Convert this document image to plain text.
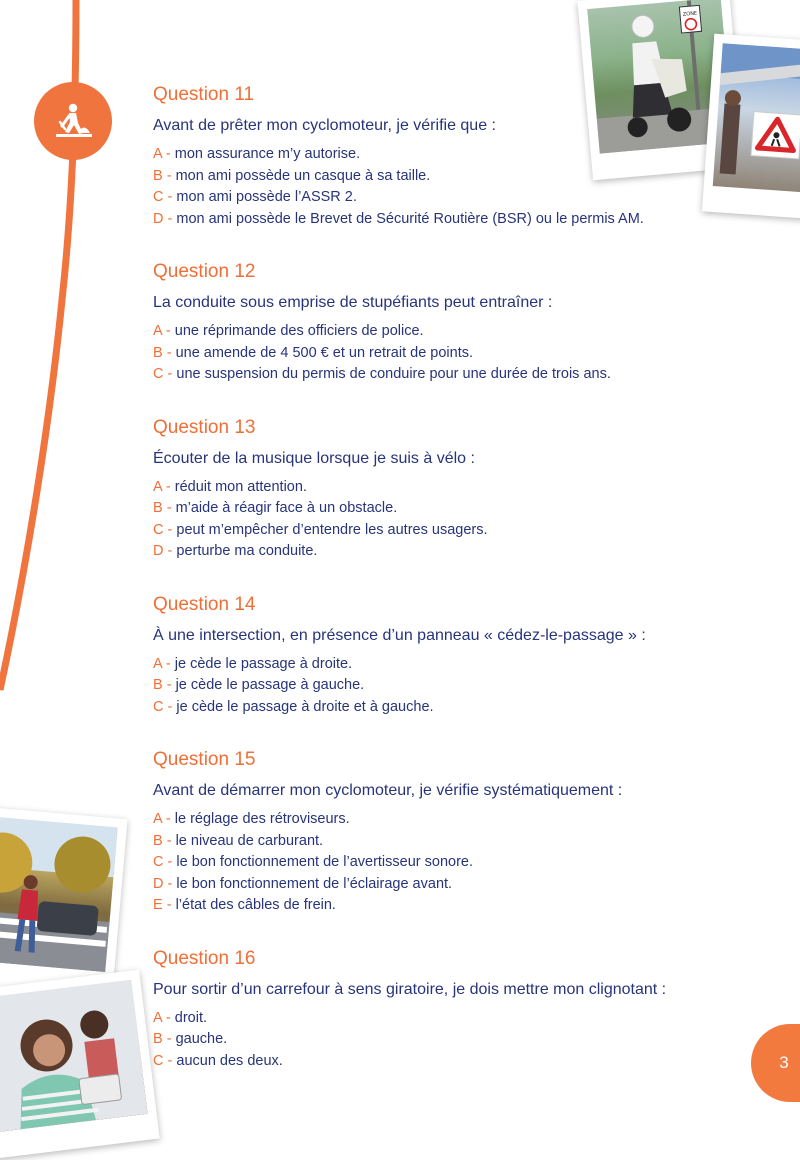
ZONE
Question 11
Avant de prêter mon cyclomoteur, je vérifie que :
A - mon assurance m’y autorise.
B - mon ami possède un casque à sa taille.
C - mon ami possède l’ASSR 2.
D - mon ami possède le Brevet de Sécurité Routière (BSR) ou le permis AM.
Question 12
La conduite sous emprise de stupéfiants peut entraîner :
A - une réprimande des officiers de police.
B - une amende de 4 500 € et un retrait de points.
C - une suspension du permis de conduire pour une durée de trois ans.
Question 13
Écouter de la musique lorsque je suis à vélo :
A - réduit mon attention.
B - m’aide à réagir face à un obstacle.
C - peut m’empêcher d’entendre les autres usagers.
D - perturbe ma conduite.
Question 14
À une intersection, en présence d’un panneau « cédez-le-passage » :
A - je cède le passage à droite.
B - je cède le passage à gauche.
C - je cède le passage à droite et à gauche.
Question 15
Avant de démarrer mon cyclomoteur, je vérifie systématiquement :
A - le réglage des rétroviseurs.
B - le niveau de carburant.
C - le bon fonctionnement de l’avertisseur sonore.
D - le bon fonctionnement de l’éclairage avant.
E - l’état des câbles de frein.
Question 16
Pour sortir d’un carrefour à sens giratoire, je dois mettre mon clignotant :
A - droit.
B - gauche.
C - aucun des deux.	3
